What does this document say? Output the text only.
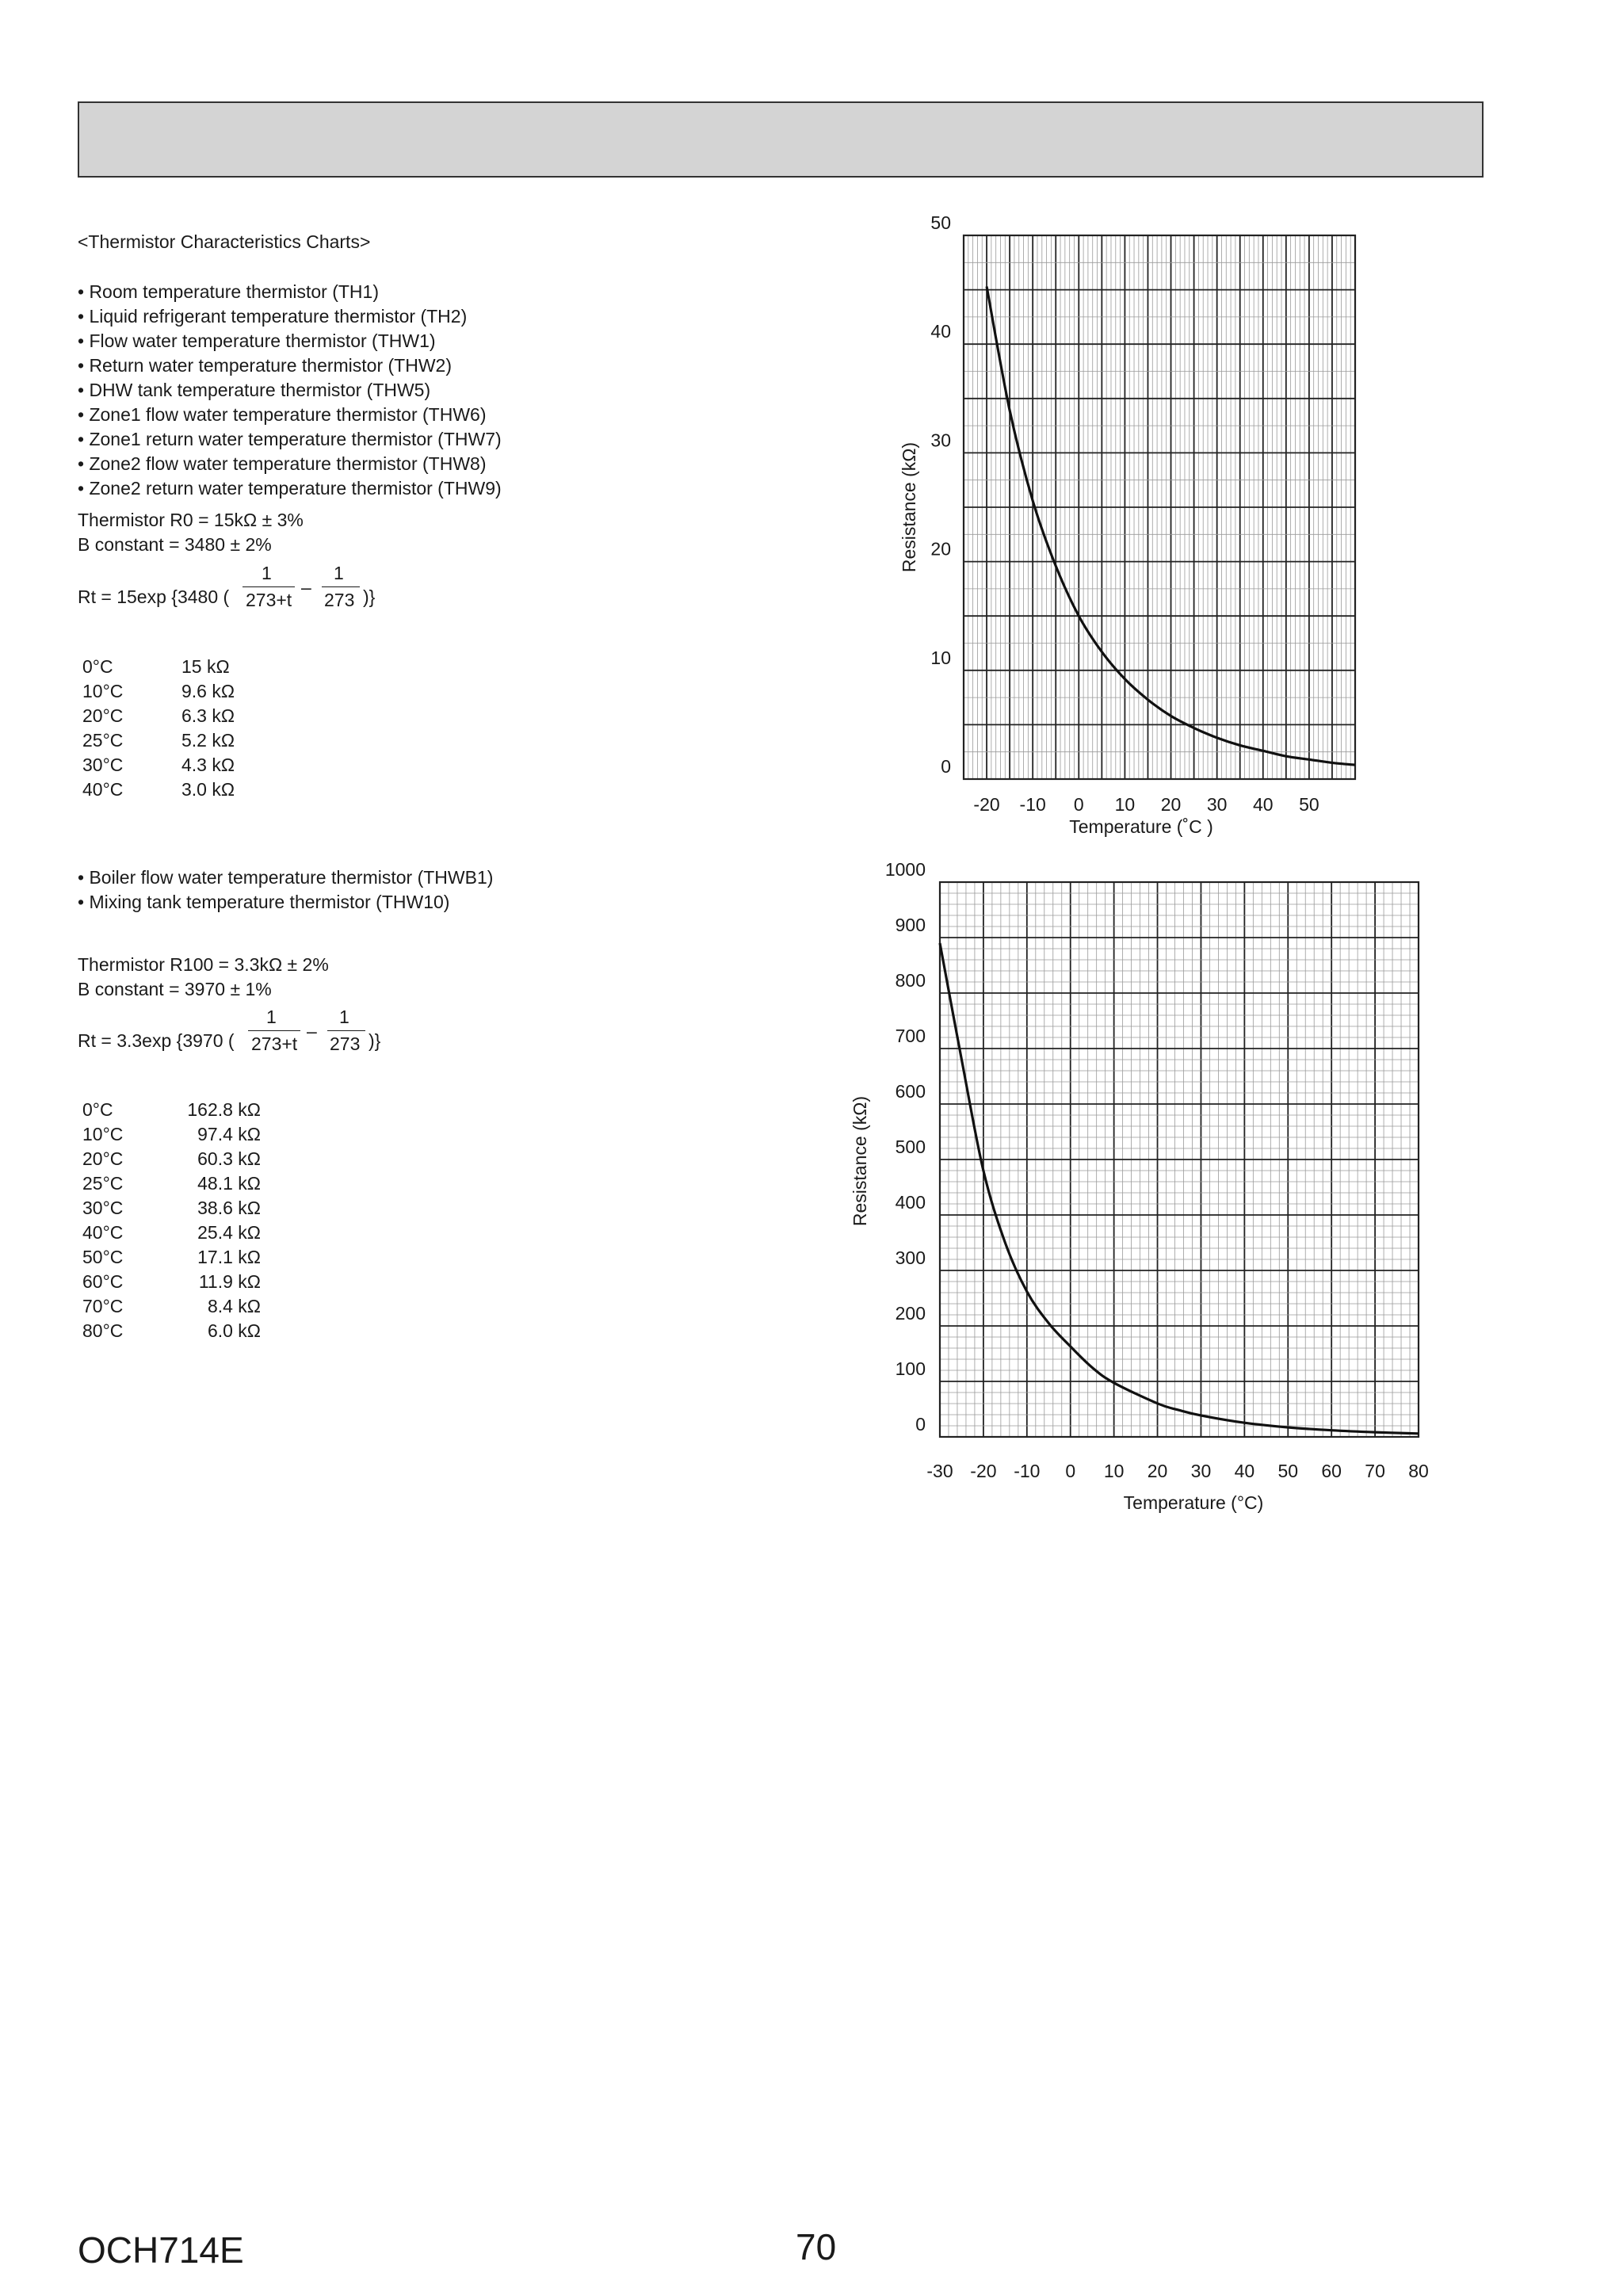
<Thermistor Characteristics Charts>
• Room temperature thermistor (TH1)
• Liquid refrigerant temperature thermistor (TH2)
• Flow water temperature thermistor (THW1)
• Return water temperature thermistor (THW2)
• DHW tank temperature thermistor (THW5)
• Zone1 flow water temperature thermistor (THW6)
• Zone1 return water temperature thermistor (THW7)
• Zone2 flow water temperature thermistor (THW8)
• Zone2 return water temperature thermistor (THW9)
Thermistor R0 = 15kΩ ± 3%
B constant = 3480 ± 2%
Rt = 15exp {3480 (
1
273+t
–
1
273 )}
0°C	15 kΩ
10°C	9.6 kΩ
20°C	6.3 kΩ
25°C	5.2 kΩ
30°C	4.3 kΩ
40°C	3.0 kΩ
• Boiler flow water temperature thermistor (THWB1)
• Mixing tank temperature thermistor (THW10)
Thermistor R100 = 3.3kΩ ± 2%
B constant = 3970 ± 1%
Rt = 3.3exp {3970 (
1
273+t
–
1
273 )}
0°C	162.8 kΩ
10°C	97.4 kΩ
20°C	60.3 kΩ
25°C	48.1 kΩ
30°C	38.6 kΩ
40°C	25.4 kΩ
50°C	17.1 kΩ
60°C	11.9 kΩ
70°C	8.4 kΩ
80°C	6.0 kΩ
-20 -10 0 10 20 30 40 50
0
10
20
30
40
50
Temperature (˚C )
Resistance (kΩ)
-30 -20 -10 0 10 20 30 40 50 60 70 80
0
100
200
300
400
500
600
700
800
900
1000
Temperature (°C)
Resistance (kΩ)
OCH714E	70
